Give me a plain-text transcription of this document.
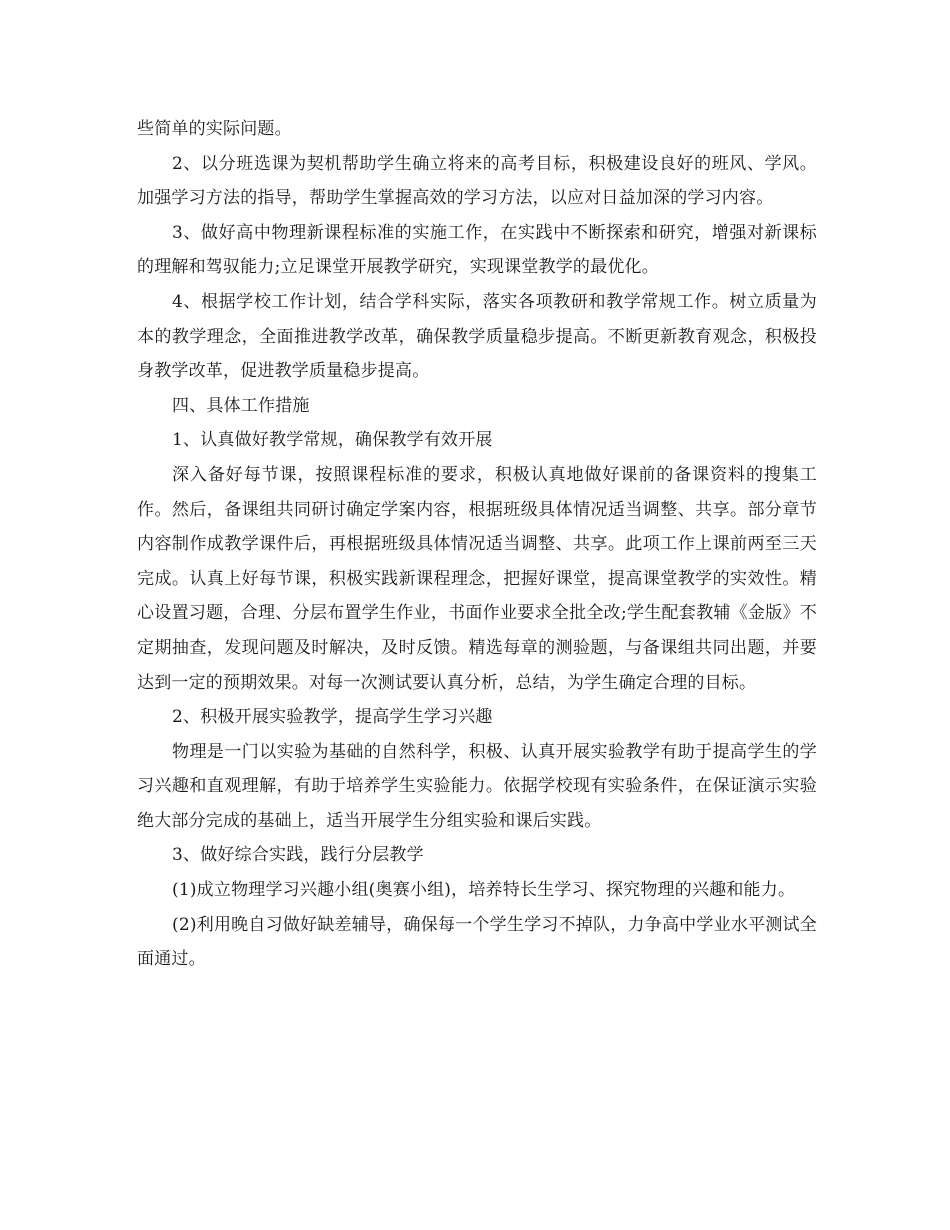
些简单的实际问题。

2、以分班选课为契机帮助学生确立将来的高考目标，积极建设良好的班风、学风。加强学习方法的指导，帮助学生掌握高效的学习方法，以应对日益加深的学习内容。

3、做好高中物理新课程标准的实施工作，在实践中不断探索和研究，增强对新课标的理解和驾驭能力;立足课堂开展教学研究，实现课堂教学的最优化。

4、根据学校工作计划，结合学科实际，落实各项教研和教学常规工作。树立质量为本的教学理念，全面推进教学改革，确保教学质量稳步提高。不断更新教育观念，积极投身教学改革，促进教学质量稳步提高。

四、具体工作措施

1、认真做好教学常规，确保教学有效开展

深入备好每节课，按照课程标准的要求，积极认真地做好课前的备课资料的搜集工作。然后，备课组共同研讨确定学案内容，根据班级具体情况适当调整、共享。部分章节内容制作成教学课件后，再根据班级具体情况适当调整、共享。此项工作上课前两至三天完成。认真上好每节课，积极实践新课程理念，把握好课堂，提高课堂教学的实效性。精心设置习题，合理、分层布置学生作业，书面作业要求全批全改;学生配套教辅《金版》不定期抽查，发现问题及时解决，及时反馈。精选每章的测验题，与备课组共同出题，并要达到一定的预期效果。对每一次测试要认真分析，总结，为学生确定合理的目标。

2、积极开展实验教学，提高学生学习兴趣

物理是一门以实验为基础的自然科学，积极、认真开展实验教学有助于提高学生的学习兴趣和直观理解，有助于培养学生实验能力。依据学校现有实验条件，在保证演示实验绝大部分完成的基础上，适当开展学生分组实验和课后实践。

3、做好综合实践，践行分层教学

(1)成立物理学习兴趣小组(奥赛小组)，培养特长生学习、探究物理的兴趣和能力。

(2)利用晚自习做好缺差辅导，确保每一个学生学习不掉队，力争高中学业水平测试全面通过。
